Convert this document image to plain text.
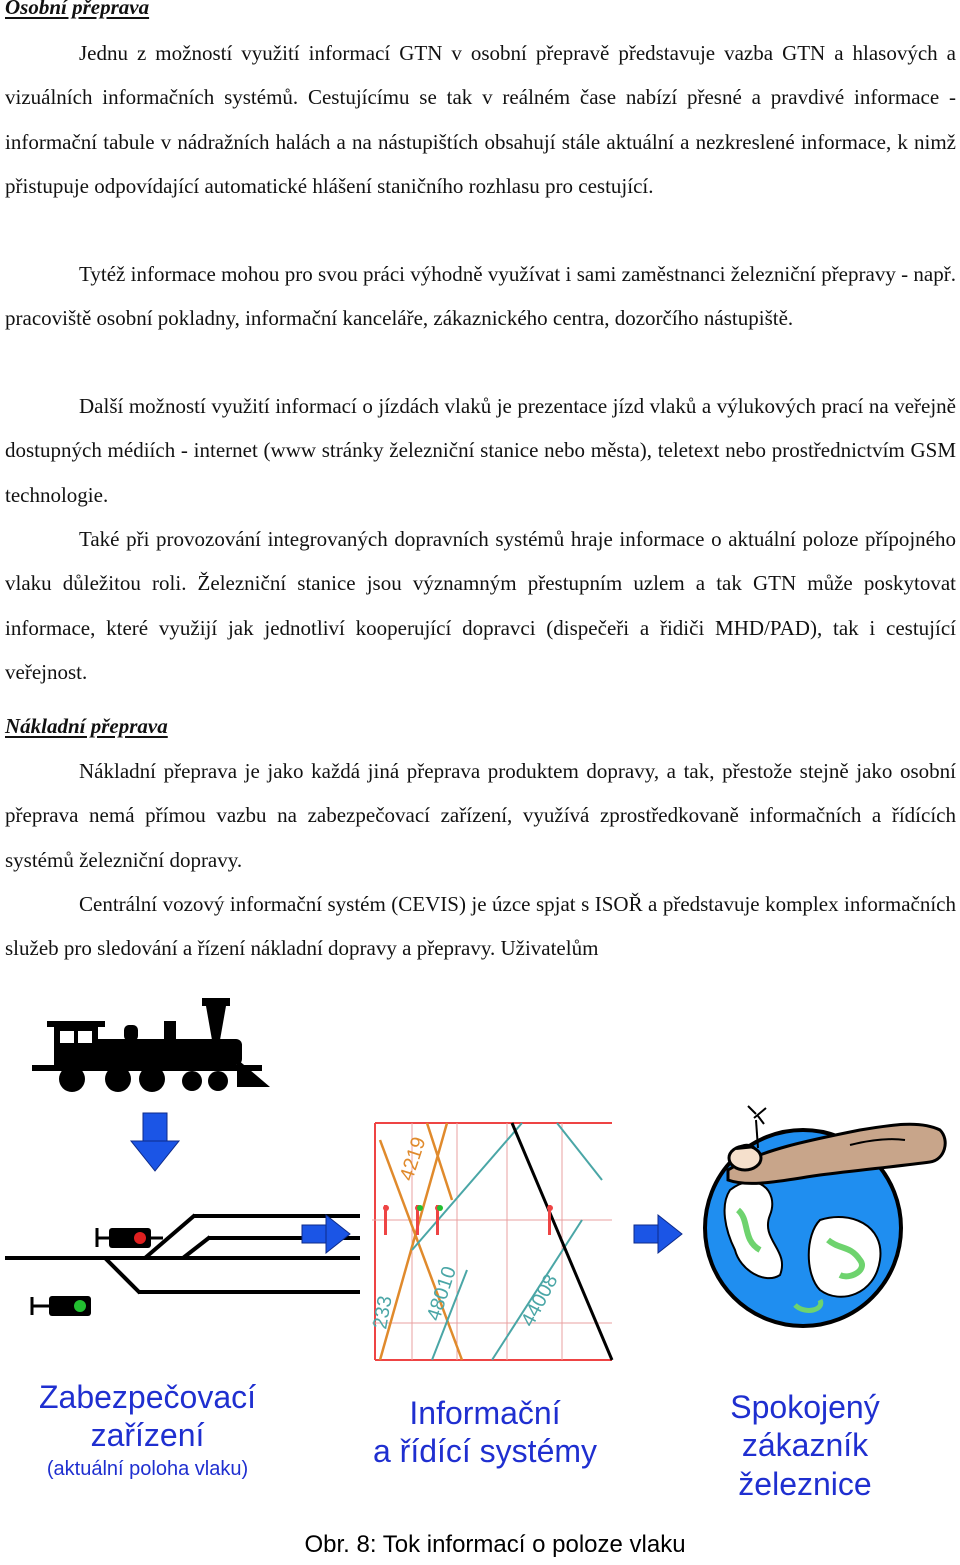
Osobní přeprava

Jednu z možností využití informací GTN v osobní přepravě představuje vazba GTN a hlasových a vizuálních informačních systémů. Cestujícímu se tak v reálném čase nabízí přesné a pravdivé informace - informační tabule v nádražních halách a na nástupištích obsahují stále aktuální a nezkreslené informace, k nimž přistupuje odpovídající automatické hlášení staničního rozhlasu pro cestující.

Tytéž informace mohou pro svou práci výhodně využívat i sami zaměstnanci železniční přepravy - např. pracoviště osobní pokladny, informační kanceláře, zákaznického centra, dozorčího nástupiště.

Další možností využití informací o jízdách vlaků je prezentace jízd vlaků a výlukových prací na veřejně dostupných médiích - internet (www stránky železniční stanice nebo města), teletext nebo prostřednictvím GSM technologie.

Také při provozování integrovaných dopravních systémů hraje informace o aktuální poloze přípojného vlaku důležitou roli. Železniční stanice jsou významným přestupním uzlem a tak GTN může poskytovat informace, které využijí jak jednotliví kooperující dopravci (dispečeři a řidiči MHD/PAD), tak i cestující veřejnost.

Nákladní přeprava

Nákladní přeprava je jako každá jiná přeprava produktem dopravy, a tak, přestože stejně jako osobní přeprava nemá přímou vazbu na zabezpečovací zařízení, využívá zprostředkovaně informačních a řídících systémů železniční dopravy.

Centrální vozový informační systém (CEVIS) je úzce spjat s ISOŘ a představuje komplex informačních služeb pro sledování a řízení nákladní dopravy a přepravy. Uživatelům

4219
48010	44008
233
Zabezpečovací
zařízení
(aktuální poloha vlaku)
Informační
a řídící systémy
Spokojený
zákazník
železnice
Obr. 8: Tok informací o poloze vlaku
